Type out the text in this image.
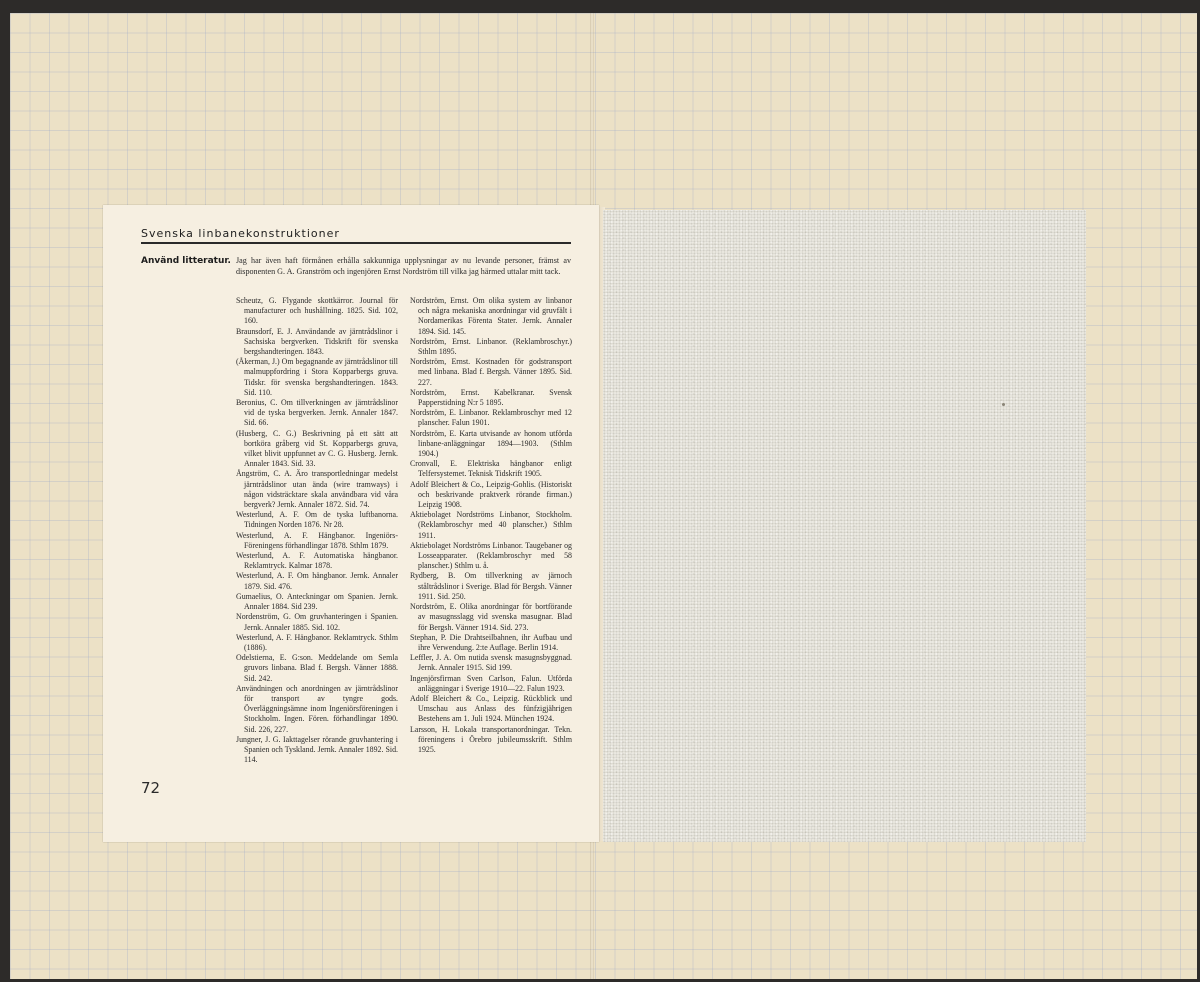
Svenska linbanekonstruktioner
Använd litteratur. Jag har även haft förmånen erhålla sakkunniga upplysningar av nu levande personer, främst av disponenten G. A. Granström och ingenjören Ernst Nordström till vilka jag härmed uttalar mitt tack.

Scheutz, G. Flygande skottkärror. Journal för manufacturer och hushållning. 1825. Sid. 102, 160.

Braunsdorf, E. J. Användande av järntrådslinor i Sachsiska bergverken. Tidskrift för svenska bergshandteringen. 1843.

(Åkerman, J.) Om begagnande av järntrådslinor till malmuppfordring i Stora Kopparbergs gruva. Tidskr. för svenska bergshandteringen. 1843. Sid. 110.

Beronius, C. Om tillverkningen av järntrådslinor vid de tyska bergverken. Jernk. Annaler 1847. Sid. 66.

(Husberg, C. G.) Beskrivning på ett sätt att bortköra gråberg vid St. Kopparbergs gruva, vilket blivit uppfunnet av C. G. Husberg. Jernk. Annaler 1843. Sid. 33.

Ångström, C. A. Äro transportledningar medelst järntrådslinor utan ända (wire tramways) i någon vidsträcktare skala användbara vid våra bergverk? Jernk. Annaler 1872. Sid. 74.

Westerlund, A. F. Om de tyska luftbanorna. Tidningen Norden 1876. Nr 28.

Westerlund, A. F. Hängbanor. Ingeniörs-Föreningens förhandlingar 1878. Sthlm 1879.

Westerlund, A. F. Automatiska hängbanor. Reklamtryck. Kalmar 1878.

Westerlund, A. F. Om hängbanor. Jernk. Annaler 1879. Sid. 476.

Gumaelius, O. Anteckningar om Spanien. Jernk. Annaler 1884. Sid 239.

Nordenström, G. Om gruvhanteringen i Spanien. Jernk. Annaler 1885. Sid. 102.

Westerlund, A. F. Hängbanor. Reklamtryck. Sthlm (1886).

Odelstierna, E. G:son. Meddelande om Semla gruvors linbana. Blad f. Bergsh. Vänner 1888. Sid. 242.

Användningen och anordningen av järntrådslinor för transport av tyngre gods. Överläggningsämne inom Ingeniörsföreningen i Stockholm. Ingen. Fören. förhandlingar 1890. Sid. 226, 227.

Jungner, J. G. Iakttagelser rörande gruvhantering i Spanien och Tyskland. Jernk. Annaler 1892. Sid. 114.

Nordström, Ernst. Om olika system av linbanor och några mekaniska anordningar vid gruvfält i Nordamerikas Förenta Stater. Jernk. Annaler 1894. Sid. 145.

Nordström, Ernst. Linbanor. (Reklambroschyr.) Sthlm 1895.

Nordström, Ernst. Kostnaden för godstransport med linbana. Blad f. Bergsh. Vänner 1895. Sid. 227.

Nordström, Ernst. Kabelkranar. Svensk Papperstidning N:r 5 1895.

Nordström, E. Linbanor. Reklambroschyr med 12 planscher. Falun 1901.

Nordström, E. Karta utvisande av honom utförda linbane-anläggningar 1894—1903. (Sthlm 1904.)

Cronvall, E. Elektriska hängbanor enligt Telfersystemet. Teknisk Tidskrift 1905.

Adolf Bleichert & Co., Leipzig-Gohlis. (Historiskt och beskrivande praktverk rörande firman.) Leipzig 1908.

Aktiebolaget Nordströms Linbanor, Stockholm. (Reklambroschyr med 40 planscher.) Sthlm 1911.

Aktiebolaget Nordströms Linbanor. Taugebaner og Losseapparater. (Reklambroschyr med 58 planscher.) Sthlm u. å.

Rydberg, B. Om tillverkning av järnoch ståltrådslinor i Sverige. Blad för Bergsh. Vänner 1911. Sid. 250.

Nordström, E. Olika anordningar för bortförande av masugnsslagg vid svenska masugnar. Blad för Bergsh. Vänner 1914. Sid. 273.

Stephan, P. Die Drahtseilbahnen, ihr Aufbau und ihre Verwendung. 2:te Auflage. Berlin 1914.

Leffler, J. A. Om nutida svensk masugnsbyggnad. Jernk. Annaler 1915. Sid 199.

Ingenjörsfirman Sven Carlson, Falun. Utförda anläggningar i Sverige 1910—22. Falun 1923.

Adolf Bleichert & Co., Leipzig. Rückblick und Umschau aus Anlass des fünfzigjährigen Bestehens am 1. Juli 1924. München 1924.

Larsson, H. Lokala transportanordningar. Tekn. föreningens i Örebro jubileumsskrift. Sthlm 1925.

72
